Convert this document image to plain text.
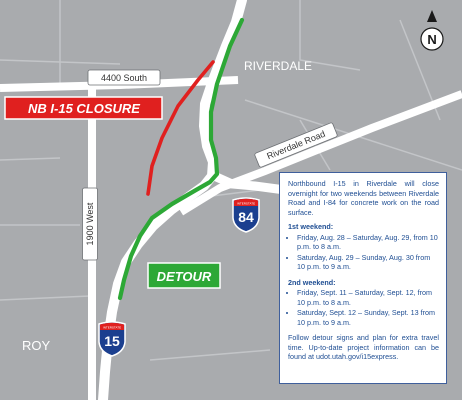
4400 South
1900 West
Riverdale Road
RIVERDALE
ROY
NB I-15 CLOSURE
DETOUR
INTERSTATE
84
INTERSTATE
15
N

Northbound I-15 in Riverdale will close overnight for two weekends between Riverdale Road and I-84 for concrete work on the road surface.

1st weekend:
• Friday, Aug. 28 – Saturday, Aug. 29, from 10 p.m. to 8 a.m.
• Saturday, Aug. 29 – Sunday, Aug. 30 from 10 p.m. to 9 a.m.
2nd weekend:
• Friday, Sept. 11 – Saturday, Sept. 12, from 10 p.m. to 8 a.m.
• Saturday, Sept. 12 – Sunday, Sept. 13 from 10 p.m. to 9 a.m.

Follow detour signs and plan for extra travel time. Up-to-date project information can be found at udot.utah.gov/i15express.
